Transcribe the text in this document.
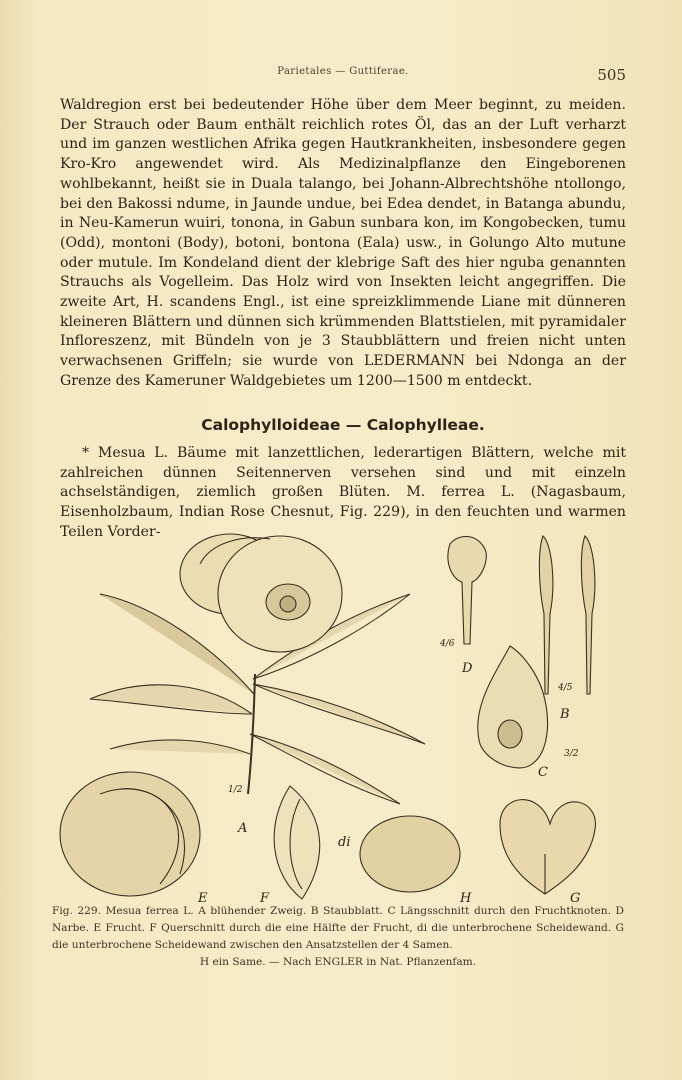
Parietales — Guttiferae.	505

Waldregion erst bei bedeutender Höhe über dem Meer beginnt, zu meiden. Der Strauch oder Baum enthält reichlich rotes Öl, das an der Luft verharzt und im ganzen westlichen Afrika gegen Hautkrankheiten, insbesondere gegen Kro-Kro angewendet wird. Als Medizinalpflanze den Eingeborenen wohlbekannt, heißt sie in Duala talango, bei Johann-Albrechtshöhe ntollongo, bei den Bakossi ndume, in Jaunde undue, bei Edea dendet, in Batanga abundu, in Neu-Kamerun wuiri, tonona, in Gabun sunbara kon, im Kongobecken, tumu (Odd), montoni (Body), botoni, bontona (Eala) usw., in Golungo Alto mutune oder mutule. Im Kondeland dient der klebrige Saft des hier nguba genannten Strauchs als Vogelleim. Das Holz wird von Insekten leicht angegriffen. Die zweite Art, H. scandens Engl., ist eine spreizklimmende Liane mit dünneren kleineren Blättern und dünnen sich krümmenden Blattstielen, mit pyramidaler Infloreszenz, mit Bündeln von je 3 Staubblättern und freien nicht unten verwachsenen Griffeln; sie wurde von LEDERMANN bei Ndonga an der Grenze des Kameruner Waldgebietes um 1200—1500 m entdeckt.

Calophylloideae — Calophylleae.

* Mesua L. Bäume mit lanzettlichen, lederartigen Blättern, welche mit zahlreichen dünnen Seitennerven versehen sind und mit einzeln achselständigen, ziemlich großen Blüten. M. ferrea L. (Nagasbaum, Eisenholzbaum, Indian Rose Chesnut, Fig. 229), in den feuchten und warmen Teilen Vorder-

A
1/2
D
4/6
B
4/5
C
3/2
E	F
di
H	G
Fig. 229. Mesua ferrea L. A blühender Zweig. B Staubblatt. C Längsschnitt durch den Fruchtknoten. D Narbe. E Frucht. F Querschnitt durch die eine Hälfte der Frucht, di die unterbrochene Scheidewand. G die unterbrochene Scheidewand zwischen den Ansatzstellen der 4 Samen.
H ein Same. — Nach ENGLER in Nat. Pflanzenfam.
